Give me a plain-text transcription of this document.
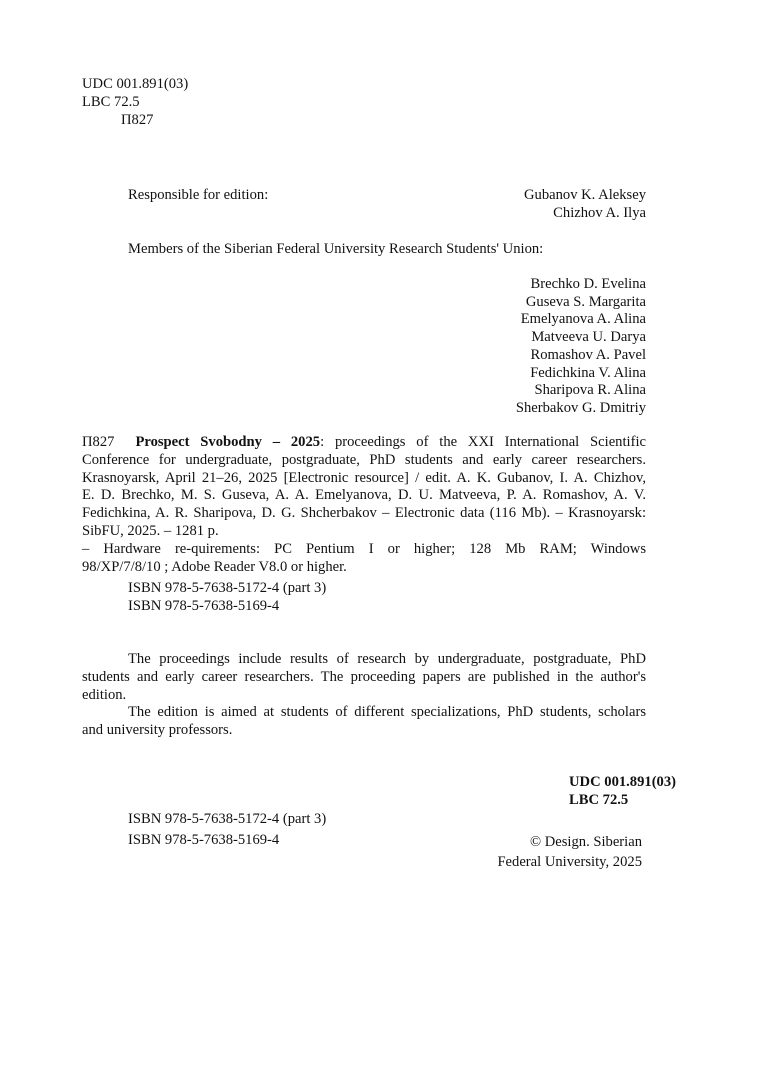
UDC 001.891(03)
LBC 72.5
П827
Responsible for edition:	Gubanov K. Aleksey
Chizhov A. Ilya
Members of the Siberian Federal University Research Students' Union:
Brechko D. Evelina
Guseva S. Margarita
Emelyanova A. Alina
Matveeva U. Darya
Romashov A. Pavel
Fedichkina V. Alina
Sharipova R. Alina
Sherbakov G. Dmitriy
П827 Prospect Svobodny – 2025: proceedings of the XXI International Scientific
Conference for undergraduate, postgraduate, PhD students and early career researchers.
Krasnoyarsk, April 21–26, 2025 [Electronic resource] / edit. A. K. Gubanov, I. A. Chizhov,
E. D. Brechko, M. S. Guseva, A. A. Emelyanova, D. U. Matveeva, P. A. Romashov, A. V.
Fedichkina, A. R. Sharipova, D. G. Shcherbakov – Electronic data (116 Mb). – Krasnoyarsk:
SibFU, 2025. – 1281 p.
– Hardware re-quirements: PC Pentium I or higher; 128 Mb RAM; Windows
98/XP/7/8/10 ; Adobe Reader V8.0 or higher.
ISBN 978-5-7638-5172-4 (part 3)
ISBN 978-5-7638-5169-4
The proceedings include results of research by undergraduate, postgraduate, PhD
students and early career researchers. The proceeding papers are published in the author's
edition.
The edition is aimed at students of different specializations, PhD students, scholars
and university professors.
UDC 001.891(03)
LBC 72.5
ISBN 978-5-7638-5172-4 (part 3)
ISBN 978-5-7638-5169-4	© Design. Siberian
Federal University, 2025
